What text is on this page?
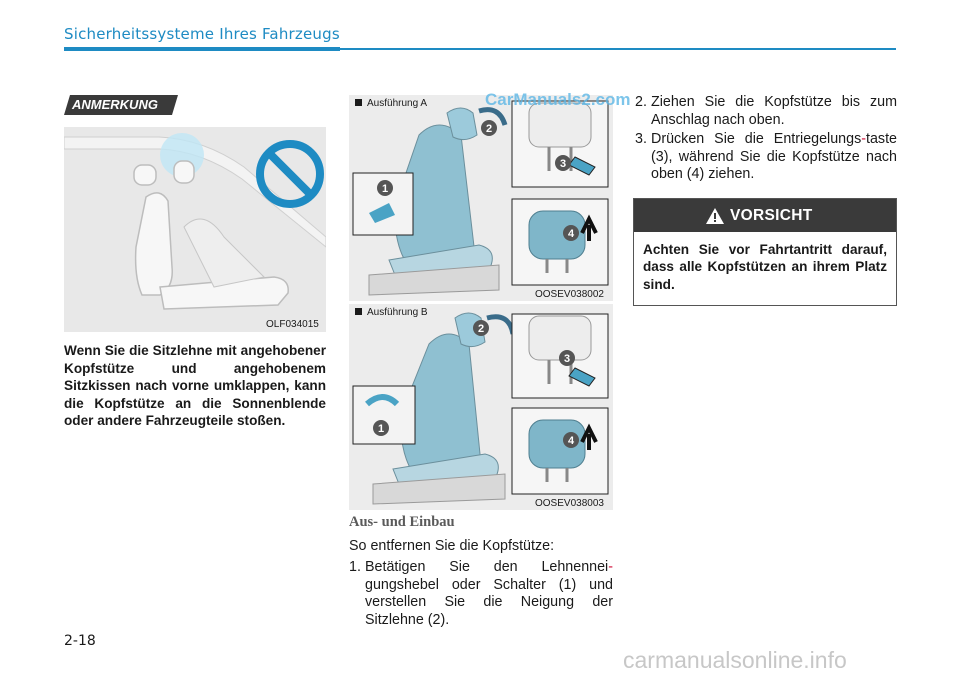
Sicherheitssysteme Ihres Fahrzeugs
ANMERKUNG
OLF034015
Wenn Sie die Sitzlehne mit angehobener Kopfstütze und angehobenem Sitzkissen nach vorne umklappen, kann die Kopfstütze an die Sonnenblende oder andere Fahrzeugteile stoßen.
Ausführung A
1
2
3
4
OOSEV038002
Ausführung B
1
2
3
4
OOSEV038003
Aus- und Einbau
So entfernen Sie die Kopfstütze:
1. Betätigen Sie den Lehnennei-gungshebel oder Schalter (1) und verstellen Sie die Neigung der Sitzlehne (2).
2. Ziehen Sie die Kopfstütze bis zum Anschlag nach oben.
3. Drücken Sie die Entriegelungs-taste (3), während Sie die Kopfstütze nach oben (4) ziehen.
VORSICHT
Achten Sie vor Fahrtantritt darauf, dass alle Kopfstützen an ihrem Platz sind.
2-18
CarManuals2.com
carmanualsonline.info
